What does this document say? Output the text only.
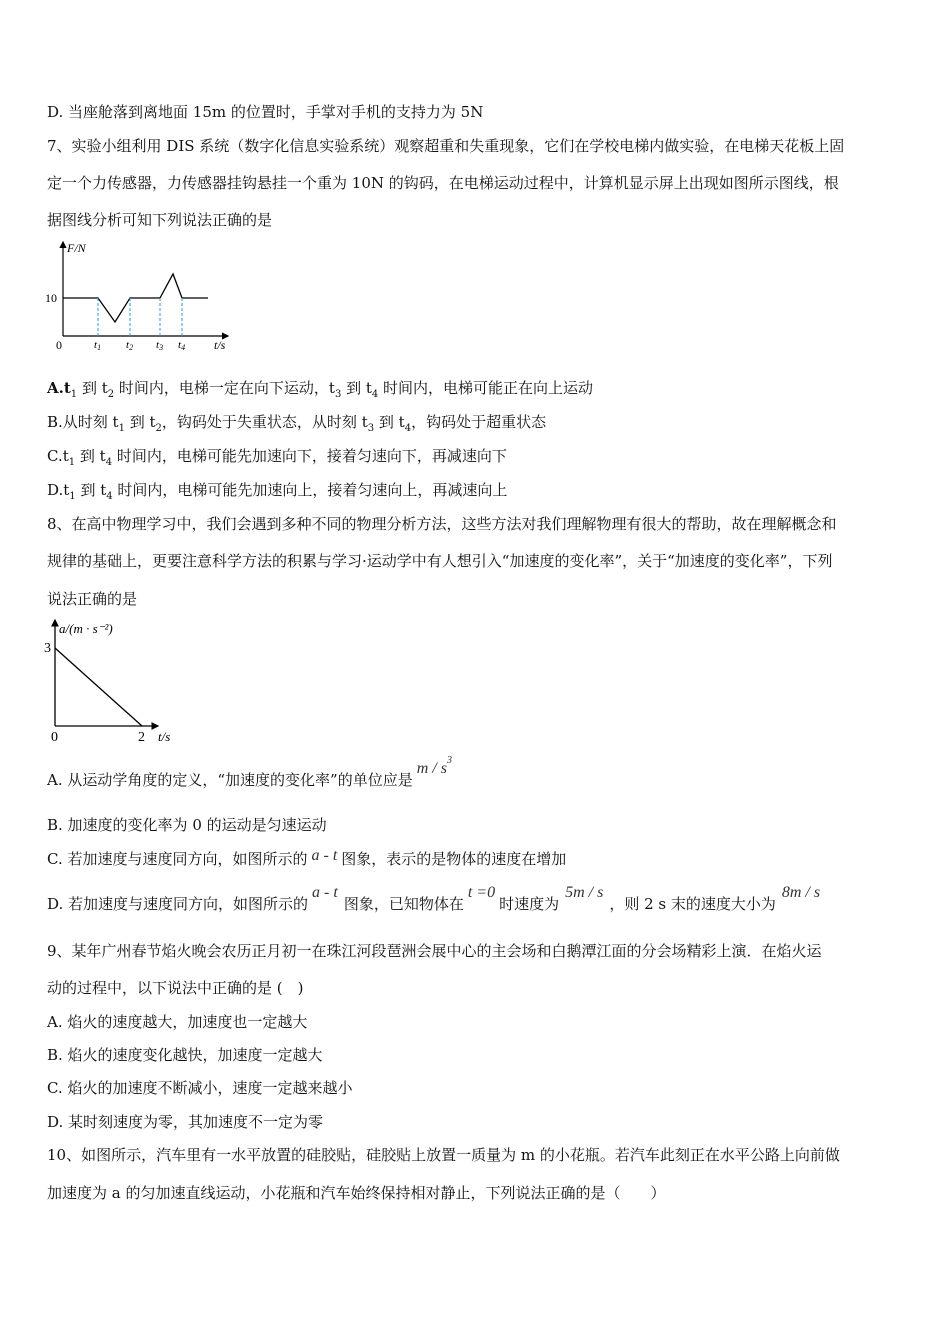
D. 当座舱落到离地面 15m 的位置时，手掌对手机的支持力为 5N
7、实验小组利用 DIS 系统（数字化信息实验系统）观察超重和失重现象，它们在学校电梯内做实验，在电梯天花板上固
定一个力传感器，力传感器挂钩悬挂一个重为 10N 的钩码，在电梯运动过程中，计算机显示屏上出现如图所示图线，根
据图线分析可知下列说法正确的是
F/N
10
0	t/s
t1 t2 t3 t4
$A.t_1$ 到 $t_2$ 时间内，电梯一定在向下运动，$t_3$ 到 $t_4$ 时间内，电梯可能正在向上运动
B.从时刻 $t_1$ 到 $t_2$，钩码处于失重状态，从时刻 $t_3$ 到 $t_4$，钩码处于超重状态
$C.t_1$ 到 $t_4$ 时间内，电梯可能先加速向下，接着匀速向下，再减速向下
$D.t_1$ 到 $t_4$ 时间内，电梯可能先加速向上，接着匀速向上，再减速向上
8、在高中物理学习中，我们会遇到多种不同的物理分析方法，这些方法对我们理解物理有很大的帮助，故在理解概念和
规律的基础上，更要注意科学方法的积累与学习·运动学中有人想引入“加速度的变化率”，关于“加速度的变化率”，下列
说法正确的是
a/(m · s⁻²)
3
0	2 t/s
A. 从运动学角度的定义，“加速度的变化率”的单位应是m / $s^3$
B. 加速度的变化率为 0 的运动是匀速运动
C. 若加速度与速度同方向，如图所示的 a - t 图象，表示的是物体的速度在增加
D. 若加速度与速度同方向，如图所示的a - t图象，已知物体在t =0时速度为5m / s，则 2 s 末的速度大小为8m / s
9、某年广州春节焰火晚会农历正月初一在珠江河段琶洲会展中心的主会场和白鹅潭江面的分会场精彩上演．在焰火运
动的过程中，以下说法中正确的是 (　)
A. 焰火的速度越大，加速度也一定越大
B. 焰火的速度变化越快，加速度一定越大
C. 焰火的加速度不断减小，速度一定越来越小
D. 某时刻速度为零，其加速度不一定为零
10、如图所示，汽车里有一水平放置的硅胶贴，硅胶贴上放置一质量为 m 的小花瓶。若汽车此刻正在水平公路上向前做
加速度为 a 的匀加速直线运动，小花瓶和汽车始终保持相对静止，下列说法正确的是（　　）
